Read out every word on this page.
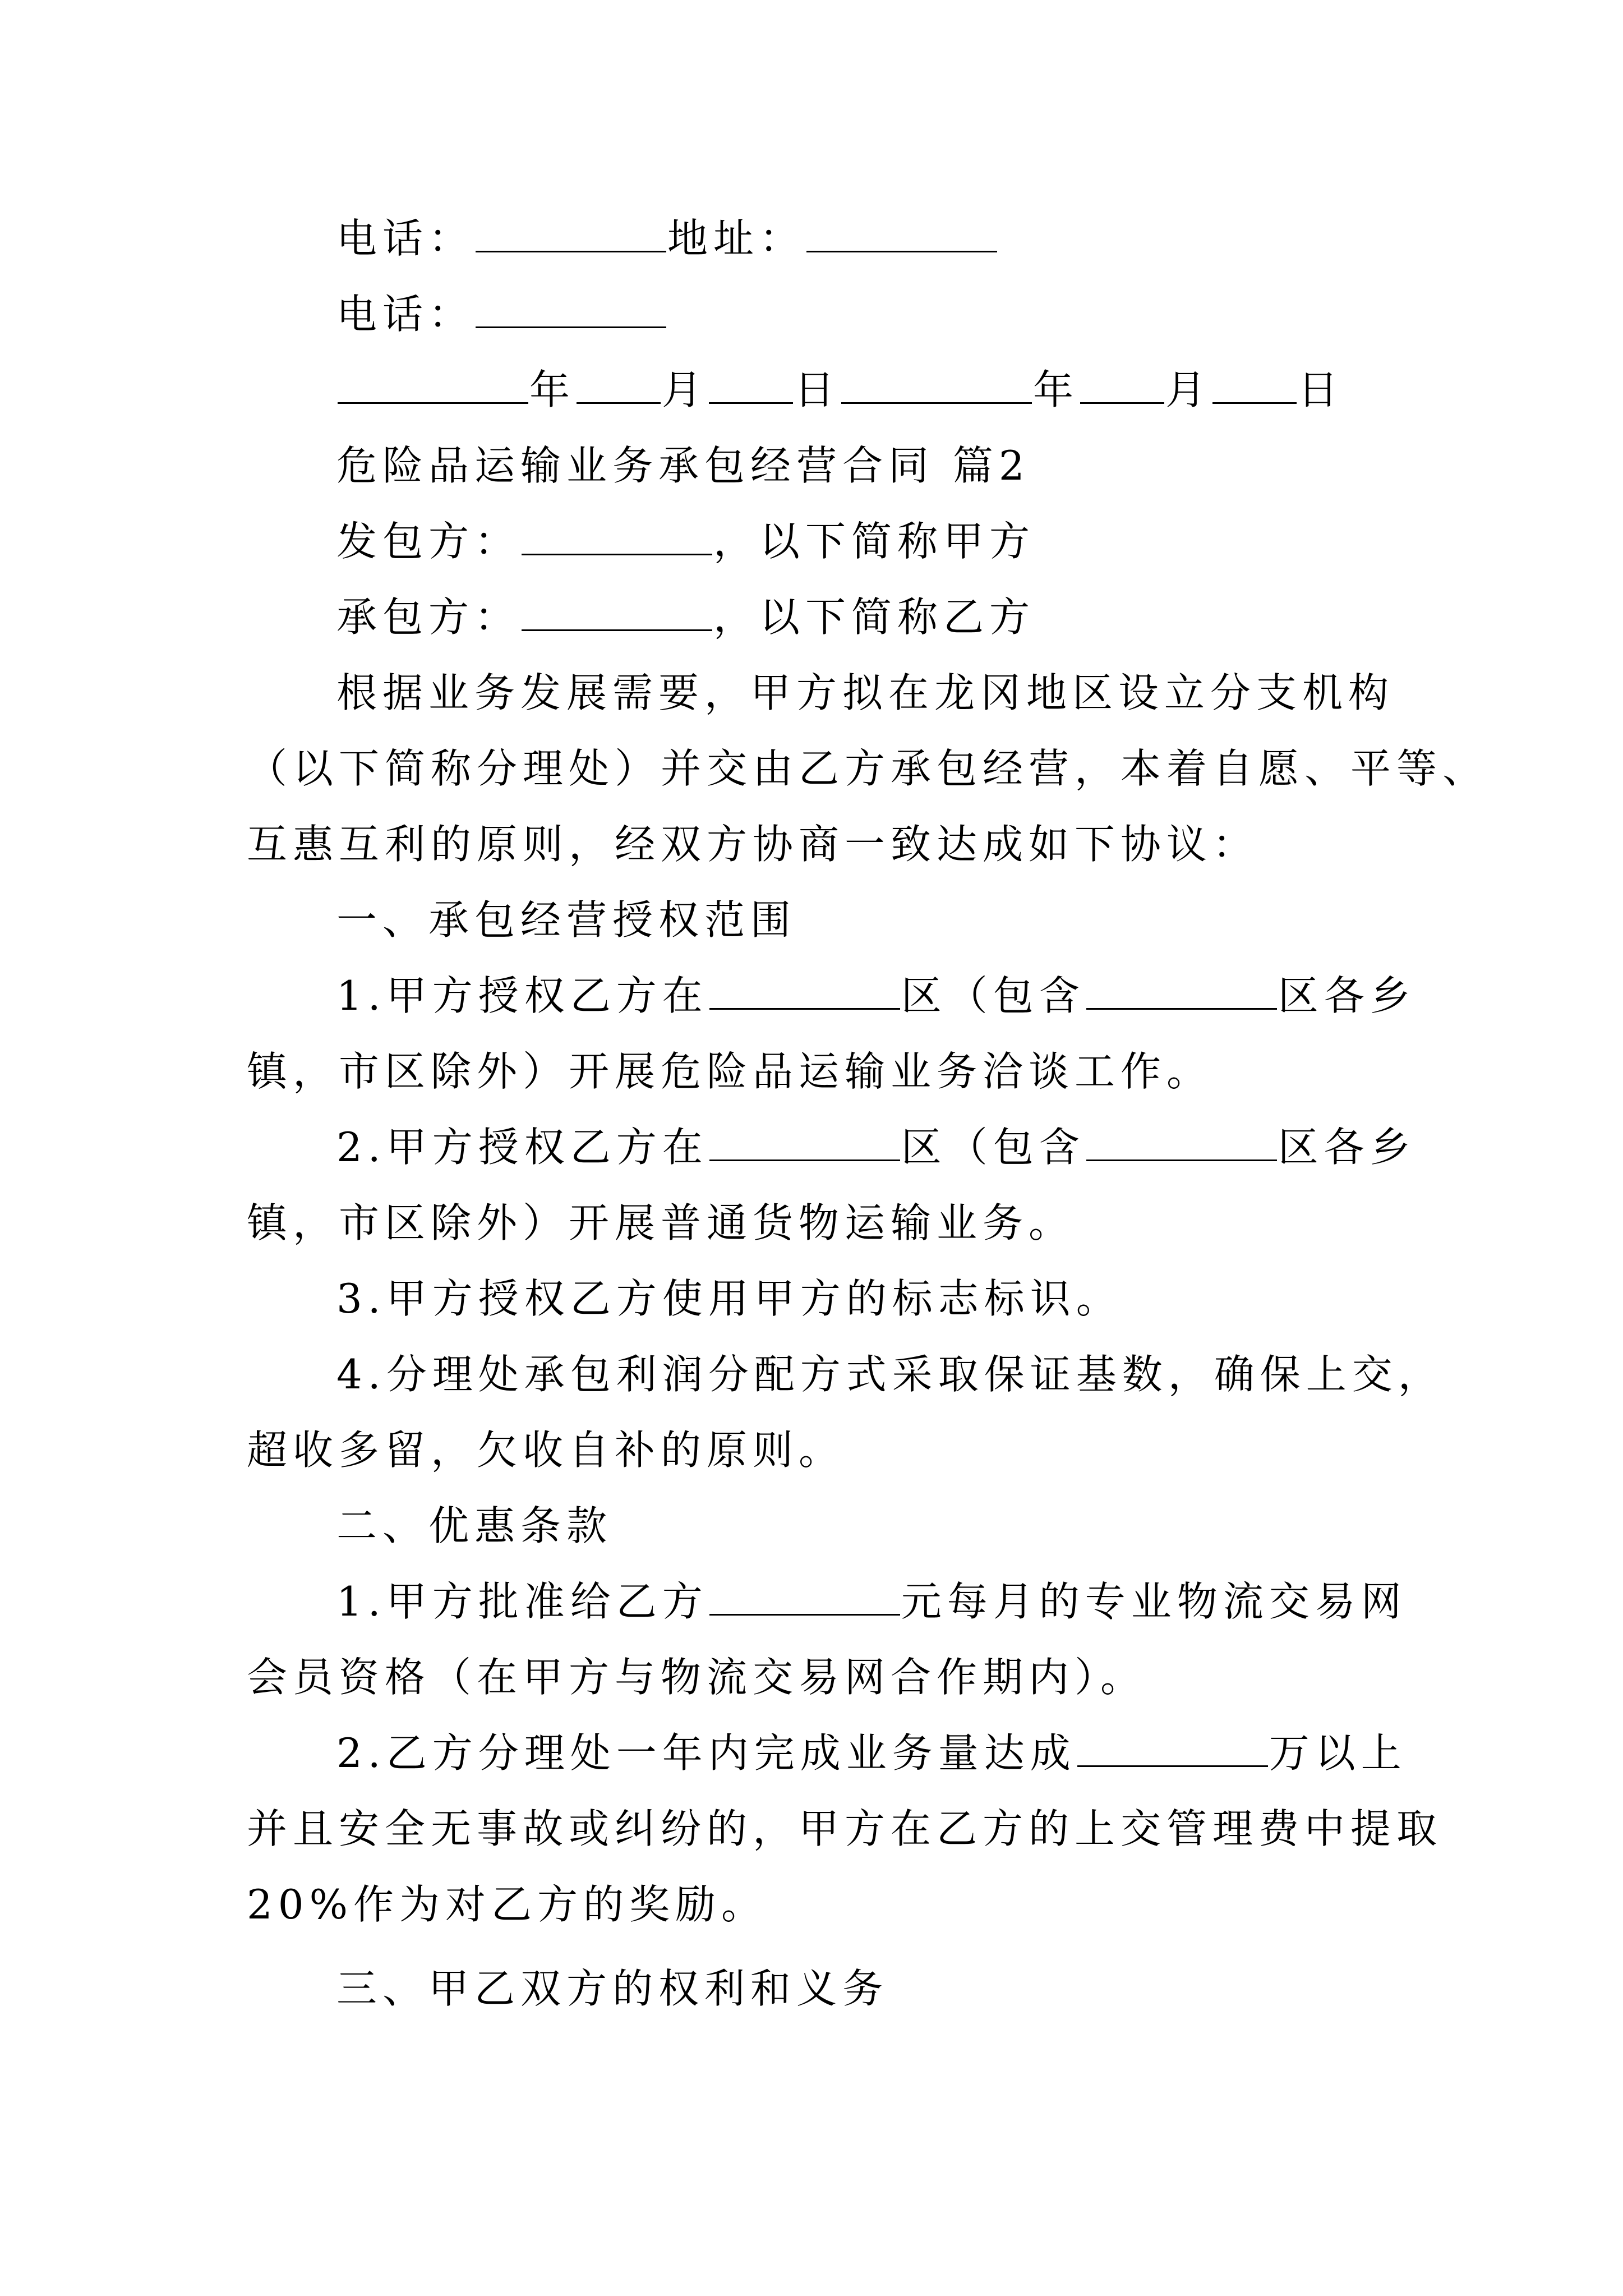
电话：	地址：
电话：
年 月 日	年 月 日
危险品运输业务承包经营合同 篇2
发包方：	，以下简称甲方
承包方：	，以下简称乙方
根据业务发展需要，甲方拟在龙冈地区设立分支机构
（以下简称分理处）并交由乙方承包经营，本着自愿、平等、
互惠互利的原则，经双方协商一致达成如下协议：
一、承包经营授权范围
1.甲方授权乙方在	区（包含	区各乡
镇，市区除外）开展危险品运输业务洽谈工作。
2.甲方授权乙方在	区（包含	区各乡
镇，市区除外）开展普通货物运输业务。
3.甲方授权乙方使用甲方的标志标识。
4.分理处承包利润分配方式采取保证基数，确保上交，
超收多留，欠收自补的原则。
二、优惠条款
1.甲方批准给乙方	元每月的专业物流交易网
会员资格（在甲方与物流交易网合作期内）。
2.乙方分理处一年内完成业务量达成	万以上
并且安全无事故或纠纷的，甲方在乙方的上交管理费中提取
20%作为对乙方的奖励。
三、甲乙双方的权利和义务
